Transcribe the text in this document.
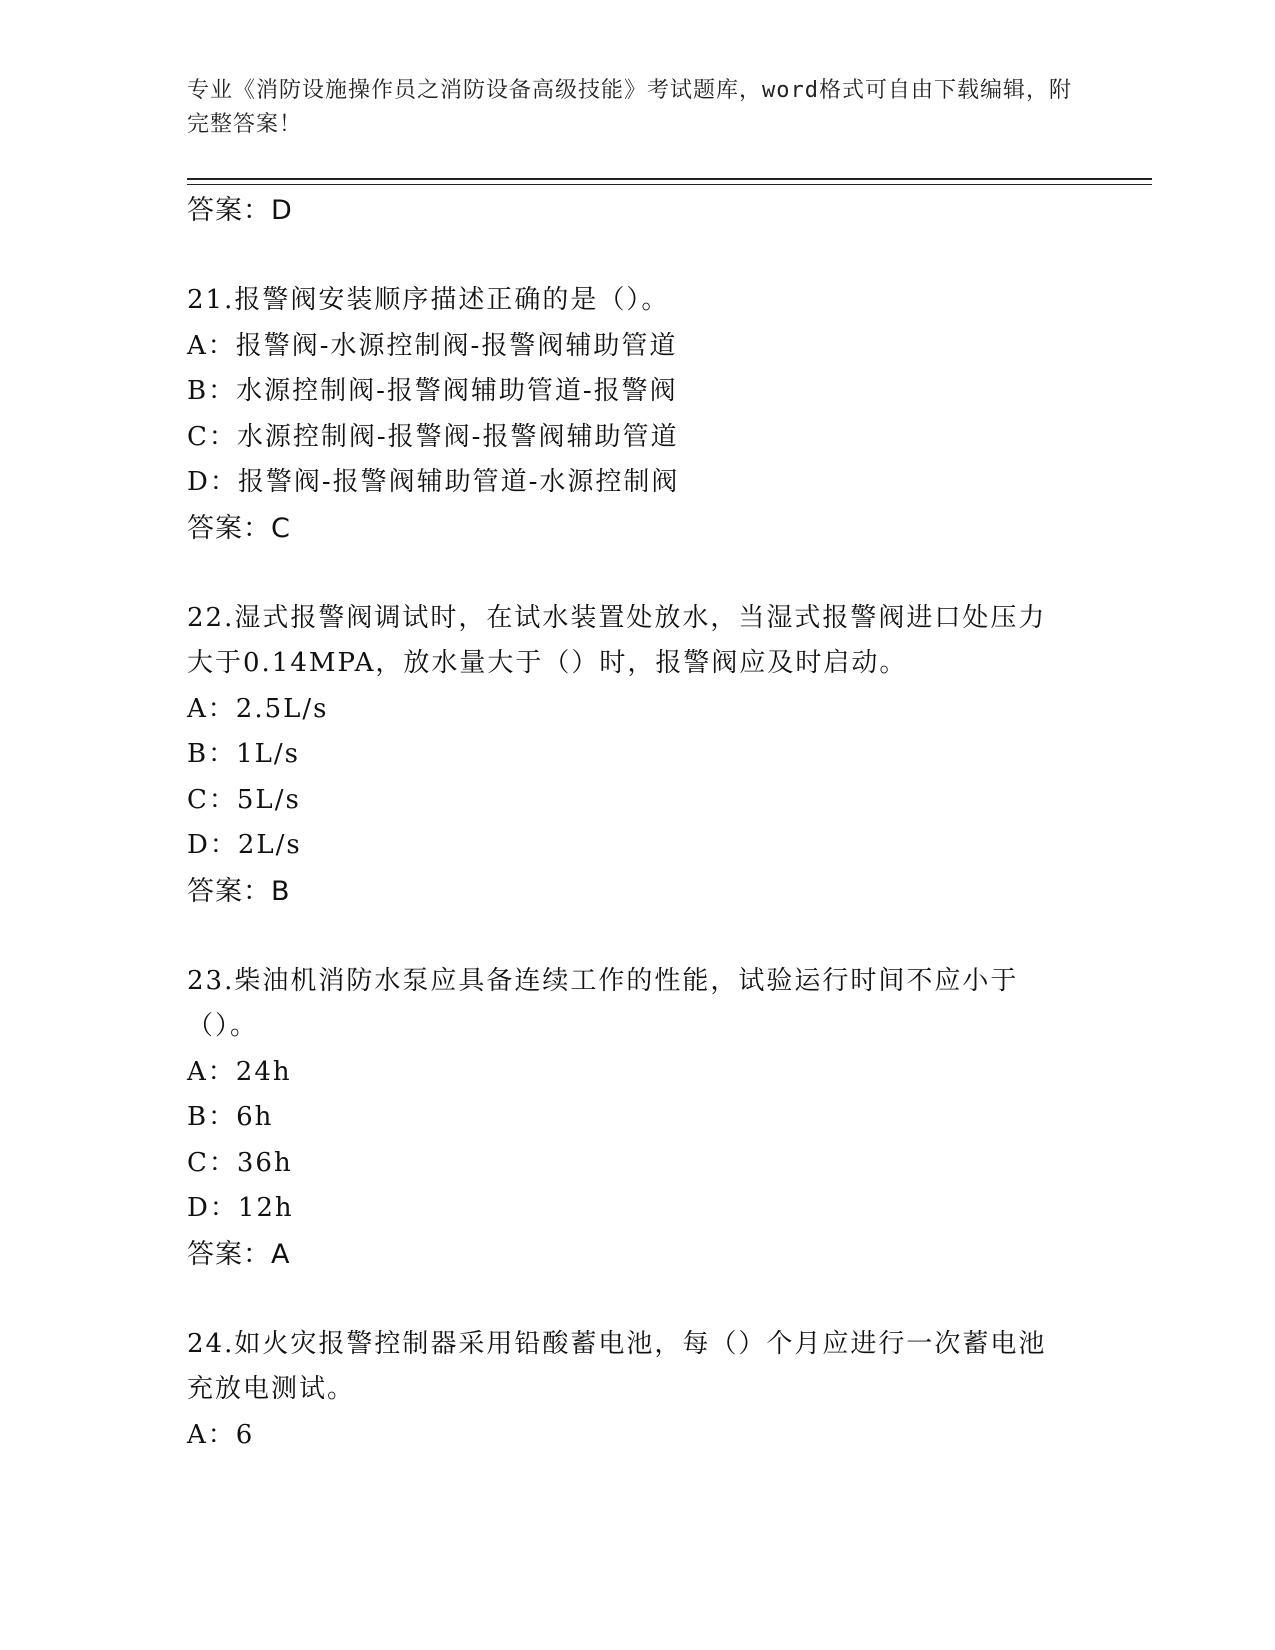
专业《消防设施操作员之消防设备高级技能》考试题库，word格式可自由下载编辑，附完整答案！
答案：D
21.报警阀安装顺序描述正确的是（）。
A：报警阀-水源控制阀-报警阀辅助管道
B：水源控制阀-报警阀辅助管道-报警阀
C：水源控制阀-报警阀-报警阀辅助管道
D：报警阀-报警阀辅助管道-水源控制阀
答案：C
22.湿式报警阀调试时，在试水装置处放水，当湿式报警阀进口处压力大于0.14MPA，放水量大于（）时，报警阀应及时启动。
A：2.5L/s
B：1L/s
C：5L/s
D：2L/s
答案：B
23.柴油机消防水泵应具备连续工作的性能，试验运行时间不应小于（）。
A：24h
B：6h
C：36h
D：12h
答案：A
24.如火灾报警控制器采用铅酸蓄电池，每（）个月应进行一次蓄电池充放电测试。
A：6
